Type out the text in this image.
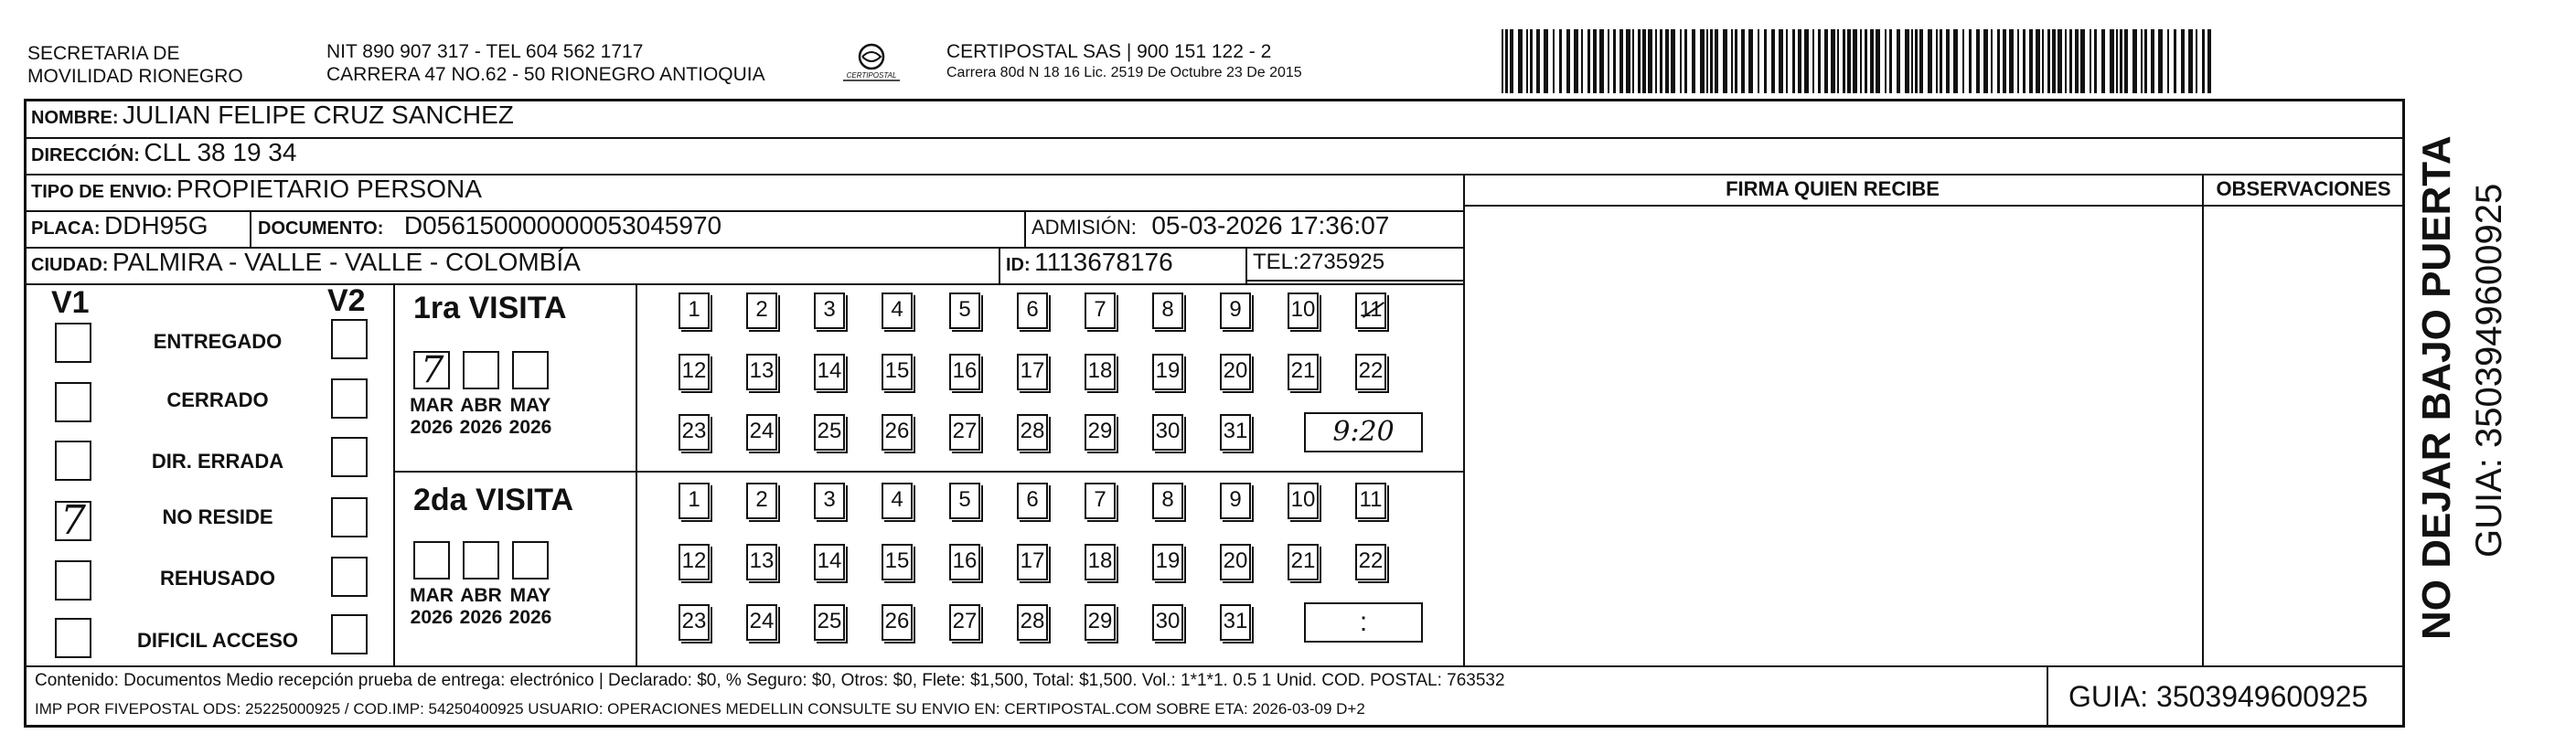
SECRETARIA DE
MOVILIDAD RIONEGRO
NIT 890 907 317 - TEL 604 562 1717
CARRERA 47 NO.62 - 50 RIONEGRO ANTIOQUIA	CERTIPOSTAL
CERTIPOSTAL SAS | 900 151 122 - 2
Carrera 80d N 18 16 Lic. 2519 De Octubre 23 De 2015
NOMBRE: JULIAN FELIPE CRUZ SANCHEZ
DIRECCIÓN: CLL 38 19 34
TIPO DE ENVIO: PROPIETARIO PERSONA
PLACA: DDH95G	DOCUMENTO: D056150000000053045970	ADMISIÓN: 05-03-2026 17:36:07
CIUDAD: PALMIRA - VALLE - VALLE - COLOMBÍA	ID: 1113678176	TEL:2735925
FIRMA QUIEN RECIBE	OBSERVACIONES
V1	V2
ENTREGADO
CERRADO
DIR. ERRADA
7	NO RESIDE
REHUSADO
DIFICIL ACCESO
1ra VISITA
2da VISITA
7
MAR
2026
ABR
2026
MAY
2026
1	2	3	4	5	6	7	8	9	10 11
12 13 14 15 16 17 18 19 20 21 22
23 24 25 26 27 28 29 30 31	9:20
MAR
2026
ABR
2026
MAY
2026
1	2	3	4	5	6	7	8	9	10 11
12 13 14 15 16 17 18 19 20 21 22
23 24 25 26 27 28 29 30 31	:
Contenido: Documentos Medio recepción prueba de entrega: electrónico | Declarado: $0, % Seguro: $0, Otros: $0, Flete: $1,500, Total: $1,500. Vol.: 1*1*1. 0.5 1 Unid. COD. POSTAL: 763532
IMP POR FIVEPOSTAL ODS: 25225000925 / COD.IMP: 54250400925 USUARIO: OPERACIONES MEDELLIN CONSULTE SU ENVIO EN: CERTIPOSTAL.COM SOBRE ETA: 2026-03-09 D+2	GUIA: 3503949600925
NO DEJAR BAJO PUERTA GUIA: 3503949600925
